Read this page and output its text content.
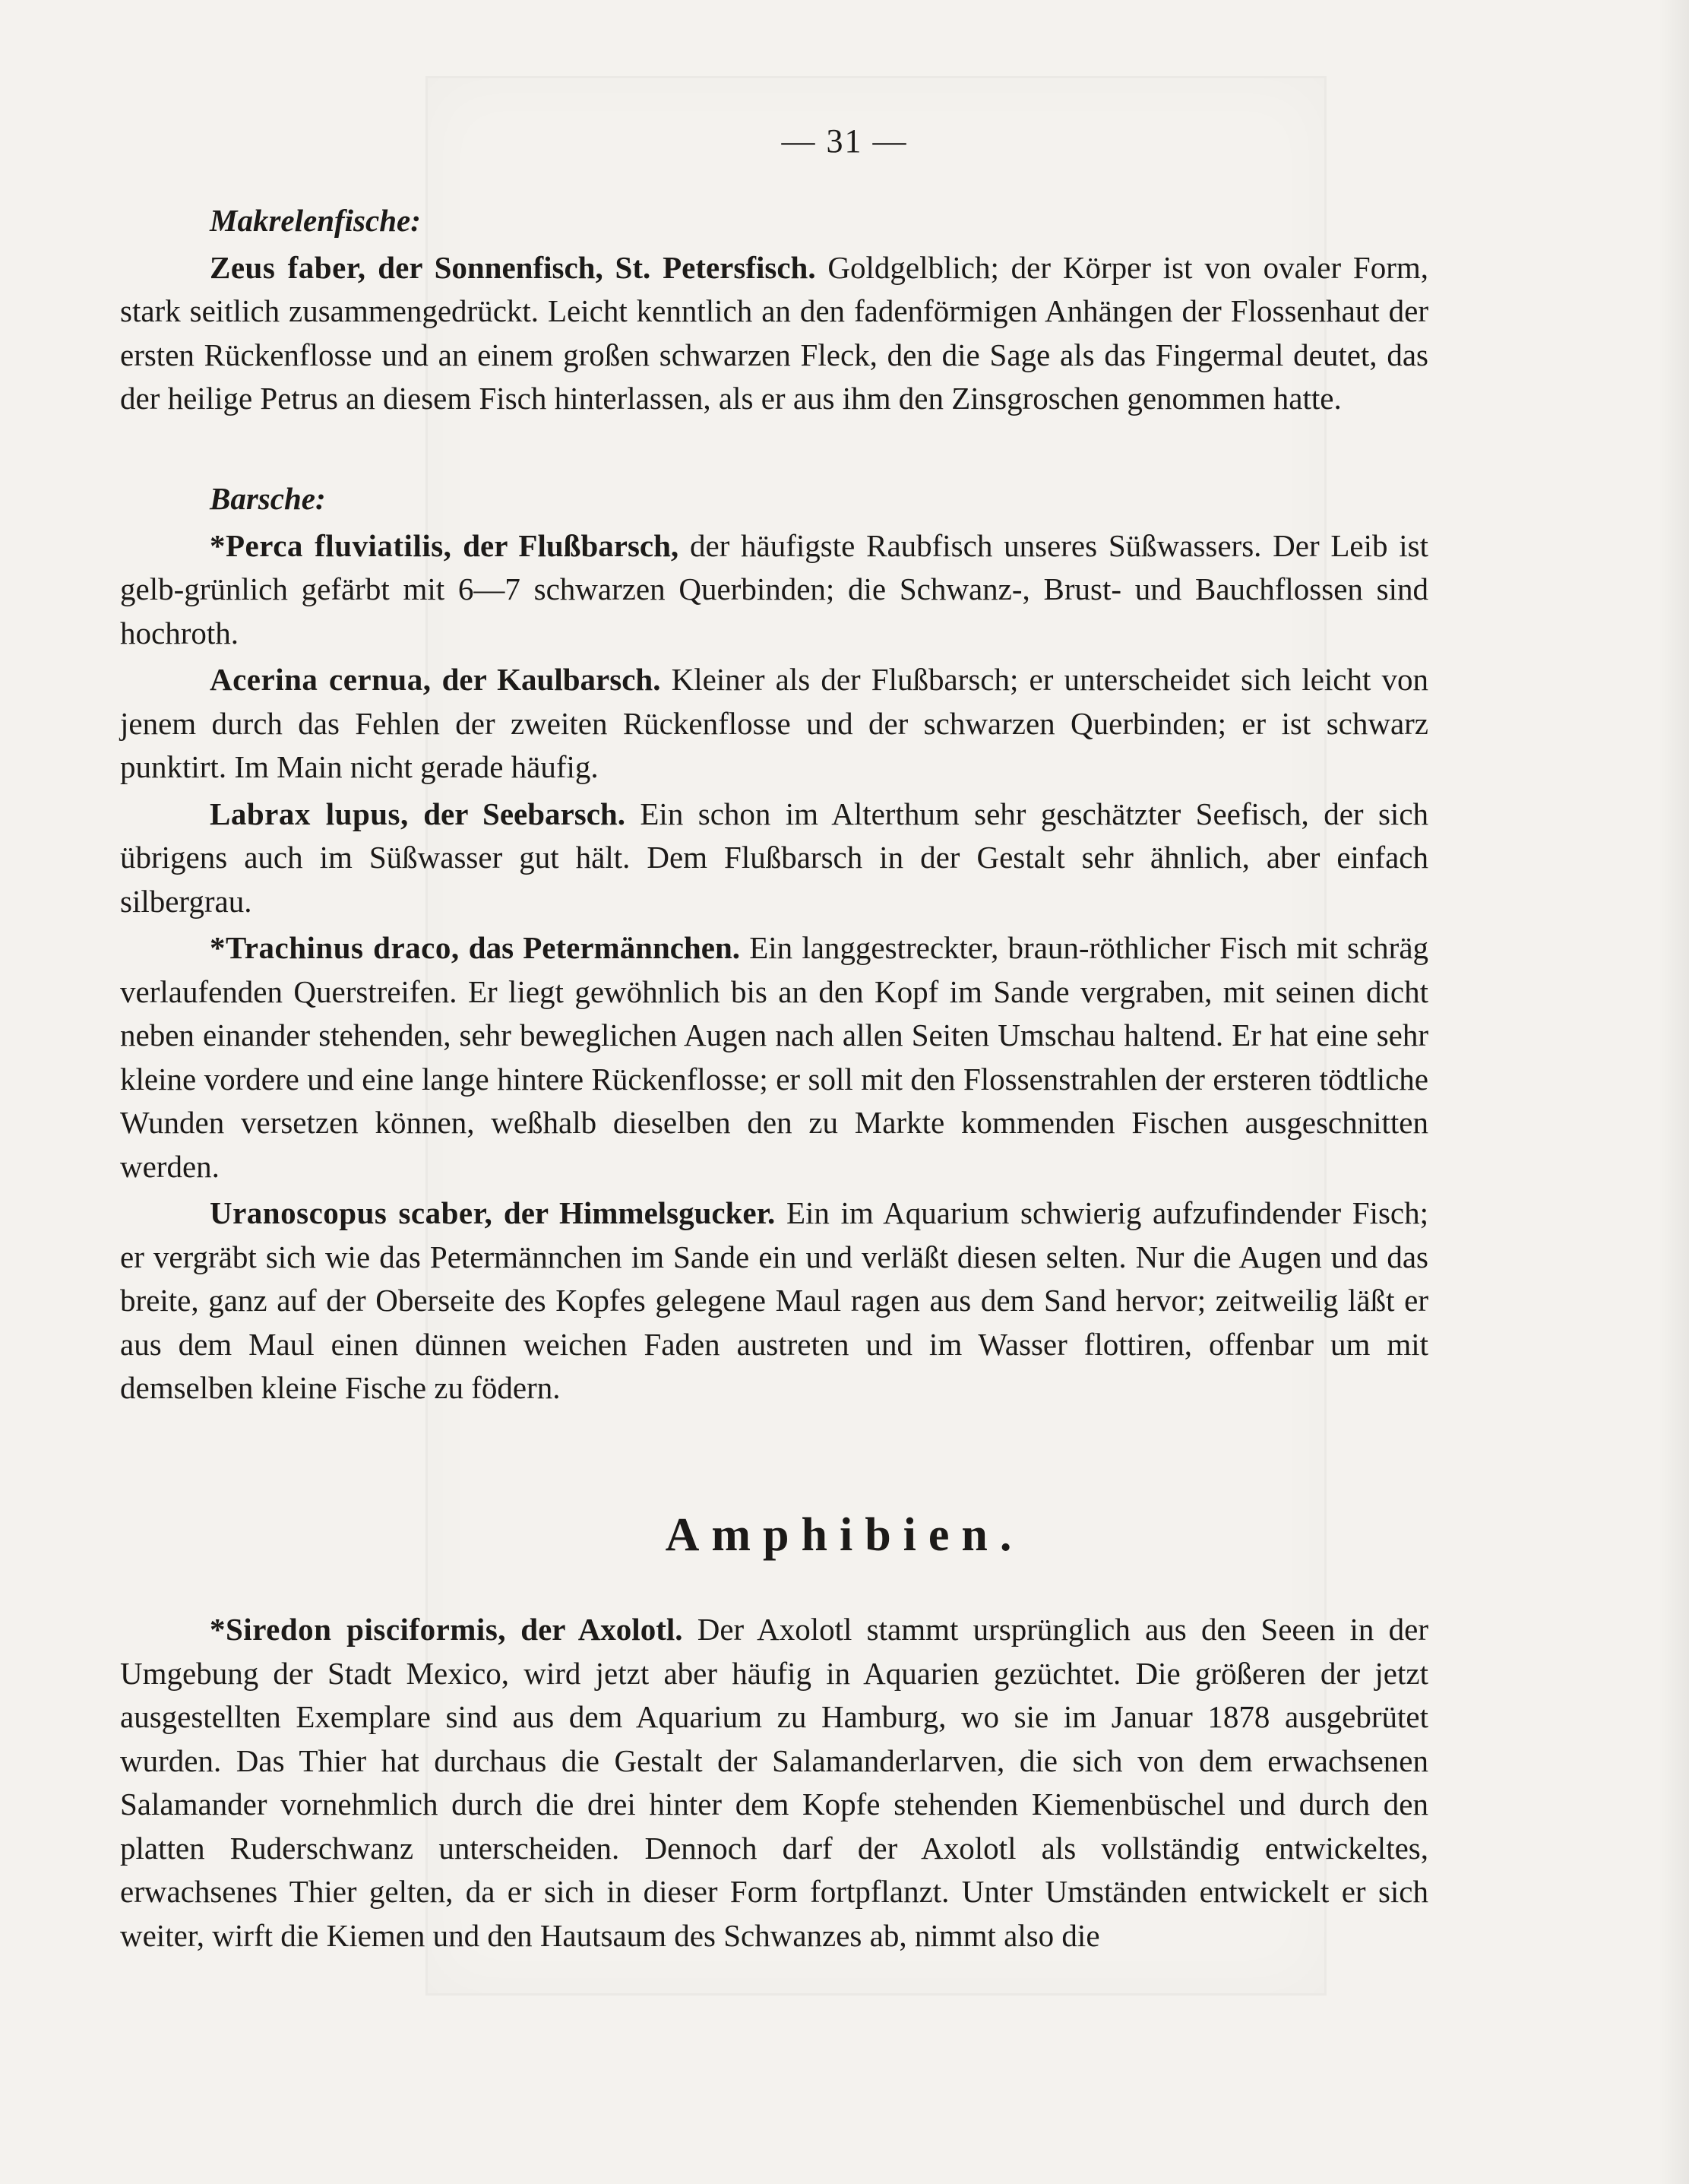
— 31 —
Makrelenfische:
Zeus faber, der Sonnenfisch, St. Petersfisch. Goldgelblich; der Körper ist von ovaler Form, stark seitlich zusammengedrückt. Leicht kenntlich an den fadenförmigen Anhängen der Flossenhaut der ersten Rückenflosse und an einem großen schwarzen Fleck, den die Sage als das Fingermal deutet, das der heilige Petrus an diesem Fisch hinterlassen, als er aus ihm den Zinsgroschen genommen hatte.
Barsche:
*Perca fluviatilis, der Flußbarsch, der häufigste Raubfisch unseres Süßwassers. Der Leib ist gelb-grünlich gefärbt mit 6—7 schwarzen Querbinden; die Schwanz-, Brust- und Bauchflossen sind hochroth.
Acerina cernua, der Kaulbarsch. Kleiner als der Flußbarsch; er unterscheidet sich leicht von jenem durch das Fehlen der zweiten Rückenflosse und der schwarzen Querbinden; er ist schwarz punktirt. Im Main nicht gerade häufig.
Labrax lupus, der Seebarsch. Ein schon im Alterthum sehr geschätzter Seefisch, der sich übrigens auch im Süßwasser gut hält. Dem Flußbarsch in der Gestalt sehr ähnlich, aber einfach silbergrau.
*Trachinus draco, das Petermännchen. Ein langgestreckter, braun-röthlicher Fisch mit schräg verlaufenden Querstreifen. Er liegt gewöhnlich bis an den Kopf im Sande vergraben, mit seinen dicht neben einander stehenden, sehr beweglichen Augen nach allen Seiten Umschau haltend. Er hat eine sehr kleine vordere und eine lange hintere Rückenflosse; er soll mit den Flossenstrahlen der ersteren tödtliche Wunden versetzen können, weßhalb dieselben den zu Markte kommenden Fischen ausgeschnitten werden.
Uranoscopus scaber, der Himmelsgucker. Ein im Aquarium schwierig aufzufindender Fisch; er vergräbt sich wie das Petermännchen im Sande ein und verläßt diesen selten. Nur die Augen und das breite, ganz auf der Oberseite des Kopfes gelegene Maul ragen aus dem Sand hervor; zeitweilig läßt er aus dem Maul einen dünnen weichen Faden austreten und im Wasser flottiren, offenbar um mit demselben kleine Fische zu födern.
Amphibien.
*Siredon pisciformis, der Axolotl. Der Axolotl stammt ursprünglich aus den Seeen in der Umgebung der Stadt Mexico, wird jetzt aber häufig in Aquarien gezüchtet. Die größeren der jetzt ausgestellten Exemplare sind aus dem Aquarium zu Hamburg, wo sie im Januar 1878 ausgebrütet wurden. Das Thier hat durchaus die Gestalt der Salamanderlarven, die sich von dem erwachsenen Salamander vornehmlich durch die drei hinter dem Kopfe stehenden Kiemenbüschel und durch den platten Ruderschwanz unterscheiden. Dennoch darf der Axolotl als vollständig entwickeltes, erwachsenes Thier gelten, da er sich in dieser Form fortpflanzt. Unter Umständen entwickelt er sich weiter, wirft die Kiemen und den Hautsaum des Schwanzes ab, nimmt also die
